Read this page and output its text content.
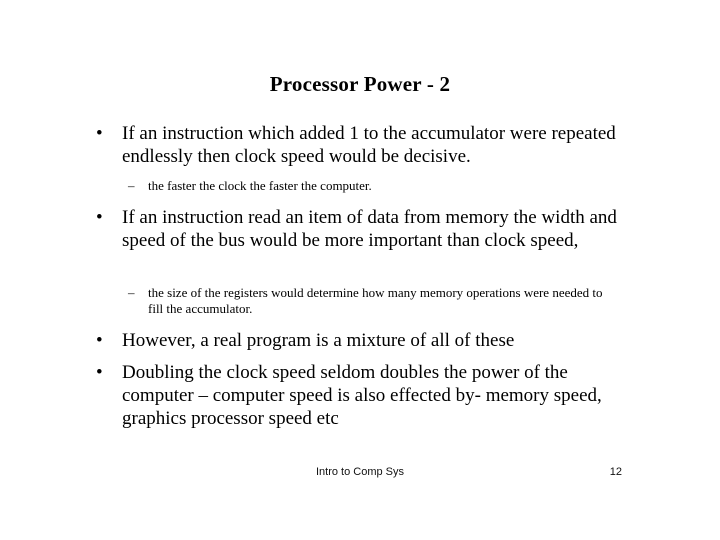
Processor Power - 2
• If an instruction which added 1 to the accumulator were repeated endlessly then clock speed would be decisive.
– the faster the clock the faster the computer.
• If an instruction read an item of data from memory the width and speed of the bus would be more important than clock speed,
– the size of the registers would determine how many memory operations were needed to fill the accumulator.
• However, a real program is a mixture of all of these
• Doubling the clock speed seldom doubles the power of the computer – computer speed is also effected by- memory speed, graphics processor speed etc
Intro to Comp Sys	12
